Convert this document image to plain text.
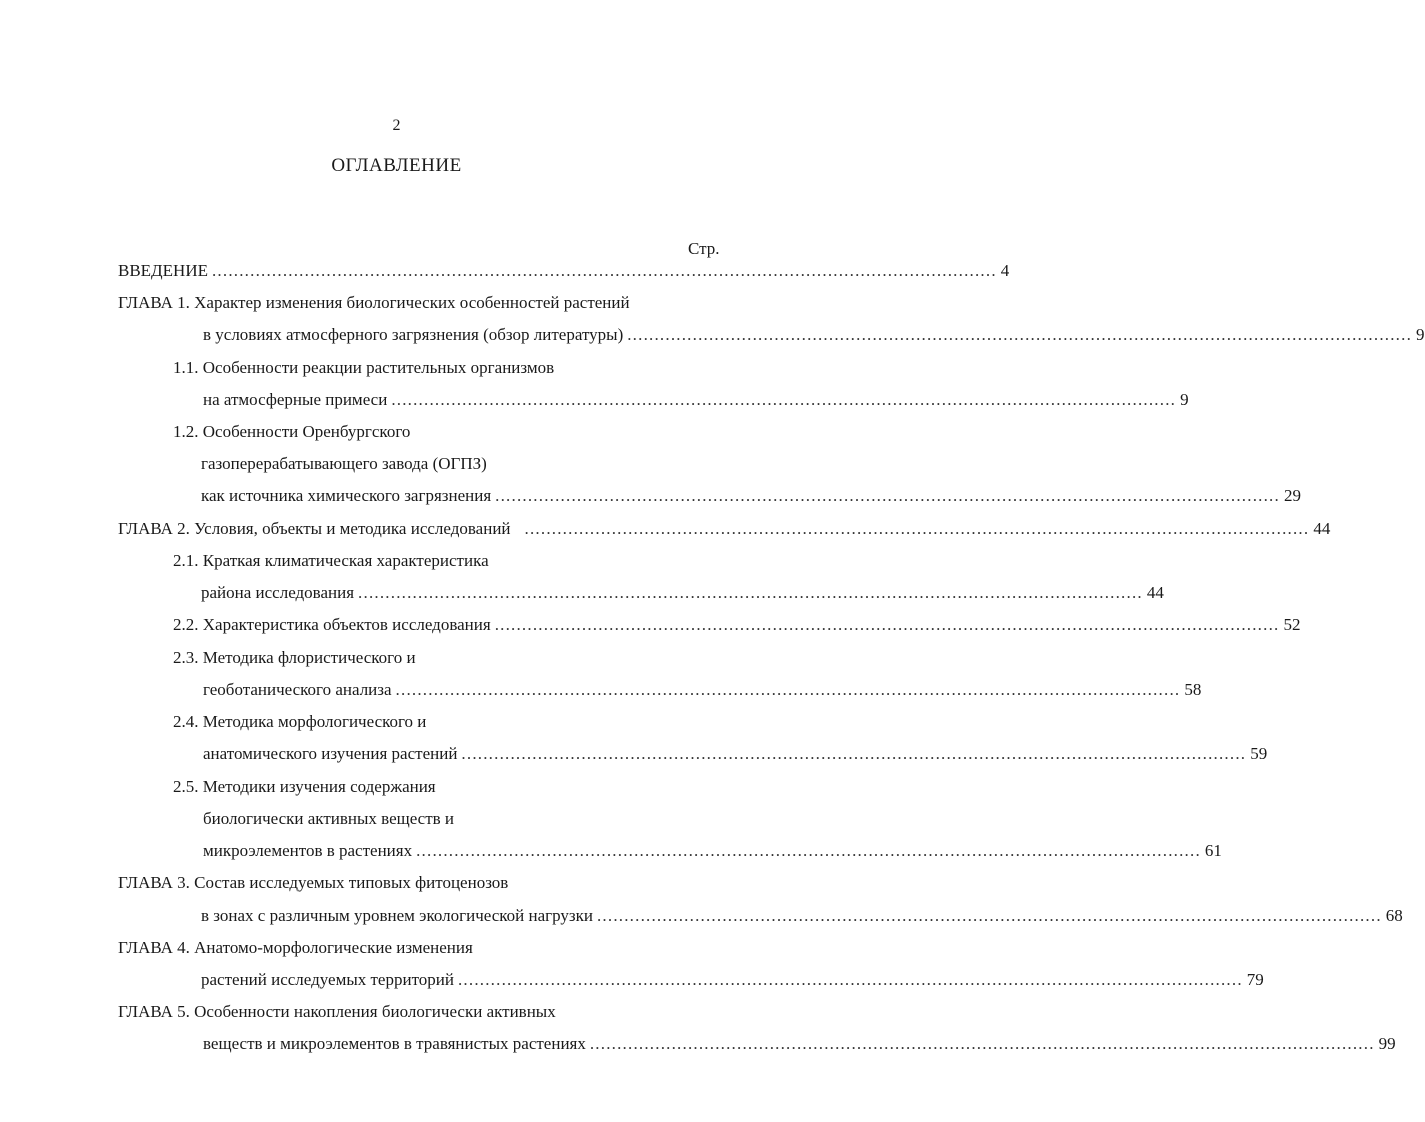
2
ОГЛАВЛЕНИЕ
Стр.
ВВЕДЕНИЕ ................................................................................................................................................ 4
ГЛАВА 1. Характер изменения биологических особенностей растений
в условиях атмосферного загрязнения (обзор литературы) ................................................................................................................................................ 9
1.1. Особенности реакции растительных организмов
на атмосферные примеси ................................................................................................................................................ 9
1.2. Особенности Оренбургского
газоперерабатывающего завода (ОГПЗ)
как источника химического загрязнения ................................................................................................................................................ 29
ГЛАВА 2. Условия, объекты и методика исследований ................................................................................................................................................ 44
2.1. Краткая климатическая характеристика
района исследования ................................................................................................................................................ 44
2.2. Характеристика объектов исследования ................................................................................................................................................ 52
2.3. Методика флористического и
геоботанического анализа ................................................................................................................................................ 58
2.4. Методика морфологического и
анатомического изучения растений ................................................................................................................................................ 59
2.5. Методики изучения содержания
биологически активных веществ и
микроэлементов в растениях ................................................................................................................................................ 61
ГЛАВА 3. Состав исследуемых типовых фитоценозов
в зонах с различным уровнем экологической нагрузки ................................................................................................................................................ 68
ГЛАВА 4. Анатомо-морфологические изменения
растений исследуемых территорий ................................................................................................................................................ 79
ГЛАВА 5. Особенности накопления биологически активных
веществ и микроэлементов в травянистых растениях ................................................................................................................................................ 99
